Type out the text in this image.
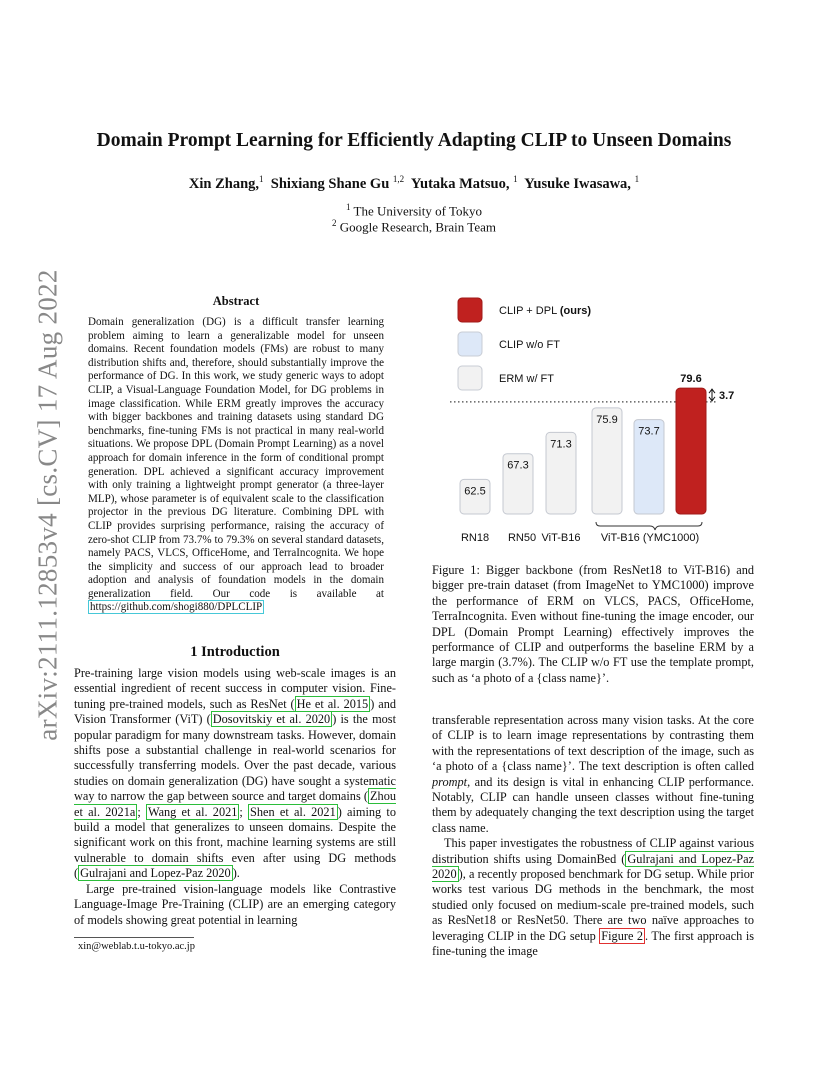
arXiv:2111.12853v4 [cs.CV] 17 Aug 2022
Domain Prompt Learning for Efficiently Adapting CLIP to Unseen Domains
Xin Zhang,$^1$ Shixiang Shane Gu $^{1,2}$ Yutaka Matsuo, $^1$ Yusuke Iwasawa, $^1$
$^1$ The University of Tokyo
$^2$ Google Research, Brain Team
Abstract
Domain generalization (DG) is a difficult transfer learning problem aiming to learn a generalizable model for unseen domains. Recent foundation models (FMs) are robust to many distribution shifts and, therefore, should substantially improve the performance of DG. In this work, we study generic ways to adopt CLIP, a Visual-Language Foundation Model, for DG problems in image classification. While ERM greatly improves the accuracy with bigger backbones and training datasets using standard DG benchmarks, fine-tuning FMs is not practical in many real-world situations. We propose DPL (Domain Prompt Learning) as a novel approach for domain inference in the form of conditional prompt generation. DPL achieved a significant accuracy improvement with only training a lightweight prompt generator (a three-layer MLP), whose parameter is of equivalent scale to the classification projector in the previous DG literature. Combining DPL with CLIP provides surprising performance, raising the accuracy of zero-shot CLIP from 73.7% to 79.3% on several standard datasets, namely PACS, VLCS, OfficeHome, and TerraIncognita. We hope the simplicity and success of our approach lead to broader adoption and analysis of foundation models in the domain generalization field. Our code is available at https://github.com/shogi880/DPLCLIP
1 Introduction

Pre-training large vision models using web-scale images is an essential ingredient of recent success in computer vision. Fine-tuning pre-trained models, such as ResNet ( He et al. 2015 ) and Vision Transformer (ViT) ( Dosovitskiy et al. 2020 ) is the most popular paradigm for many downstream tasks. However, domain shifts pose a substantial challenge in real-world scenarios for successfully transferring models. Over the past decade, various studies on domain generalization (DG) have sought a systematic way to narrow the gap between source and target domains ( Zhou et al. 2021a ; Wang et al. 2021 ; Shen et al. 2021 ) aiming to build a model that generalizes to unseen domains. Despite the significant work on this front, machine learning systems are still vulnerable to domain shifts even after using DG methods ( Gulrajani and Lopez-Paz 2020 ).

Large pre-trained vision-language models like Contrastive Language-Image Pre-Training (CLIP) are an emerging category of models showing great potential in learning

xin@weblab.t.u-tokyo.ac.jp
CLIP + DPL (ours)
CLIP w/o FT
ERM w/ FT
62.5
67.3
71.3
75.9
73.7
79.6
3.7
RN18 RN50 ViT-B16 ViT-B16 (YMC1000)
Figure 1: Bigger backbone (from ResNet18 to ViT-B16) and bigger pre-train dataset (from ImageNet to YMC1000) improve the performance of ERM on VLCS, PACS, OfficeHome, TerraIncognita. Even without fine-tuning the image encoder, our DPL (Domain Prompt Learning) effectively improves the performance of CLIP and outperforms the baseline ERM by a large margin (3.7%). The CLIP w/o FT use the template prompt, such as ‘a photo of a {class name}’.

transferable representation across many vision tasks. At the core of CLIP is to learn image representations by contrasting them with the representations of text description of the image, such as ‘a photo of a {class name}’. The text description is often called prompt, and its design is vital in enhancing CLIP performance. Notably, CLIP can handle unseen classes without fine-tuning them by adequately changing the text description using the target class name.

This paper investigates the robustness of CLIP against various distribution shifts using DomainBed ( Gulrajani and Lopez-Paz 2020 ), a recently proposed benchmark for DG setup. While prior works test various DG methods in the benchmark, the most studied only focused on medium-scale pre-trained models, such as ResNet18 or ResNet50. There are two naïve approaches to leveraging CLIP in the DG setup Figure 2 . The first approach is fine-tuning the image
